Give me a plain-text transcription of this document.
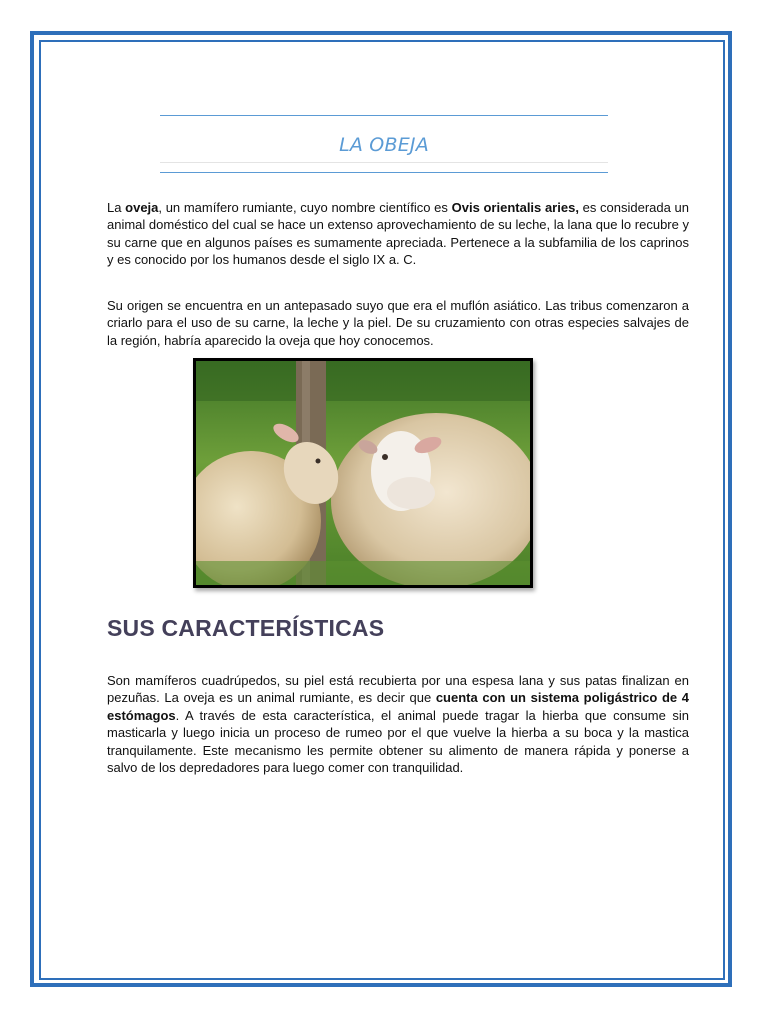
LA OBEJA
La oveja, un mamífero rumiante, cuyo nombre científico es Ovis orientalis aries, es considerada un animal doméstico del cual se hace un extenso aprovechamiento de su leche, la lana que lo recubre y su carne que en algunos países es sumamente apreciada. Pertenece a la subfamilia de los caprinos y es conocido por los humanos desde el siglo IX a. C.
Su origen se encuentra en un antepasado suyo que era el muflón asiático. Las tribus comenzaron a criarlo para el uso de su carne, la leche y la piel. De su cruzamiento con otras especies salvajes de la región, habría aparecido la oveja que hoy conocemos.
SUS CARACTERÍSTICAS
Son mamíferos cuadrúpedos, su piel está recubierta por una espesa lana y sus patas finalizan en pezuñas. La oveja es un animal rumiante, es decir que cuenta con un sistema poligástrico de 4 estómagos. A través de esta característica, el animal puede tragar la hierba que consume sin masticarla y luego inicia un proceso de rumeo por el que vuelve la hierba a su boca y la mastica tranquilamente. Este mecanismo les permite obtener su alimento de manera rápida y ponerse a salvo de los depredadores para luego comer con tranquilidad.
